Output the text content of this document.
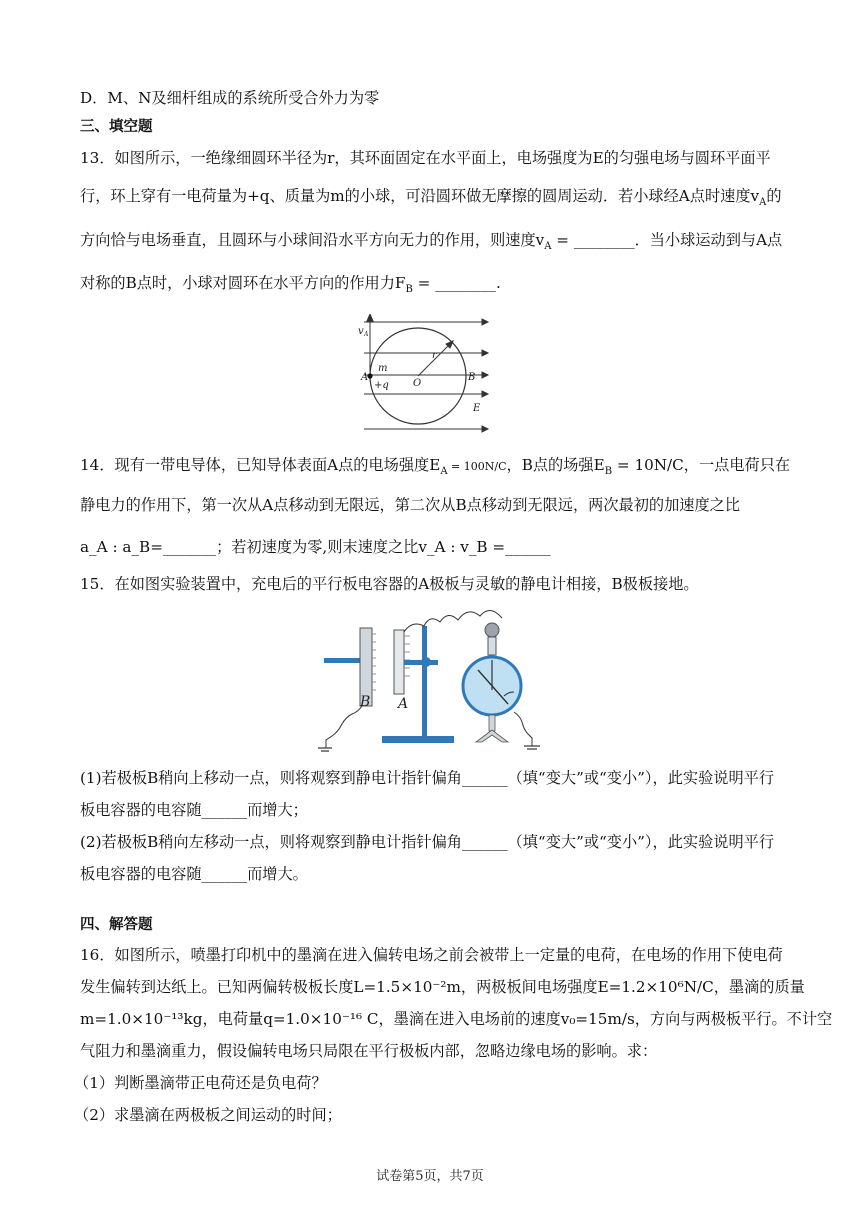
D．M、N及细杆组成的系统所受合外力为零
三、填空题
13．如图所示，一绝缘细圆环半径为r，其环面固定在水平面上，电场强度为E的匀强电场与圆环平面平
行，环上穿有一电荷量为+q、质量为m的小球，可沿圆环做无摩擦的圆周运动．若小球经A点时速度$v_A$的
方向恰与电场垂直，且圆环与小球间沿水平方向无力的作用，则速度$v_A$ = ________．当小球运动到与A点
对称的B点时，小球对圆环在水平方向的作用力$F_B$ = ________.
v A
m
+q
A
O
r
B
E
14．现有一带电导体，已知导体表面A点的电场强度$E_A = 100N/C$，B点的场强$E_B = 10N/C$，一点电荷只在
静电力的作用下，第一次从A点移动到无限远，第二次从B点移动到无限远，两次最初的加速度之比
a_A : a_B=_______；若初速度为零,则末速度之比v_A : v_B =______
15．在如图实验装置中，充电后的平行板电容器的A极板与灵敏的静电计相接，B极板接地。
B A
(1)若极板B稍向上移动一点，则将观察到静电计指针偏角______（填“变大”或“变小”），此实验说明平行
板电容器的电容随______而增大；
(2)若极板B稍向左移动一点，则将观察到静电计指针偏角______（填“变大”或“变小”），此实验说明平行
板电容器的电容随______而增大。
四、解答题
16．如图所示，喷墨打印机中的墨滴在进入偏转电场之前会被带上一定量的电荷，在电场的作用下使电荷
发生偏转到达纸上。已知两偏转极板长度L=1.5×10⁻²m，两极板间电场强度E=1.2×10⁶N/C，墨滴的质量
m=1.0×10⁻¹³kg，电荷量q=1.0×10⁻¹⁶ C，墨滴在进入电场前的速度v₀=15m/s，方向与两极板平行。不计空
气阻力和墨滴重力，假设偏转电场只局限在平行极板内部，忽略边缘电场的影响。求：
（1）判断墨滴带正电荷还是负电荷？
（2）求墨滴在两极板之间运动的时间；
试卷第5页，共7页
